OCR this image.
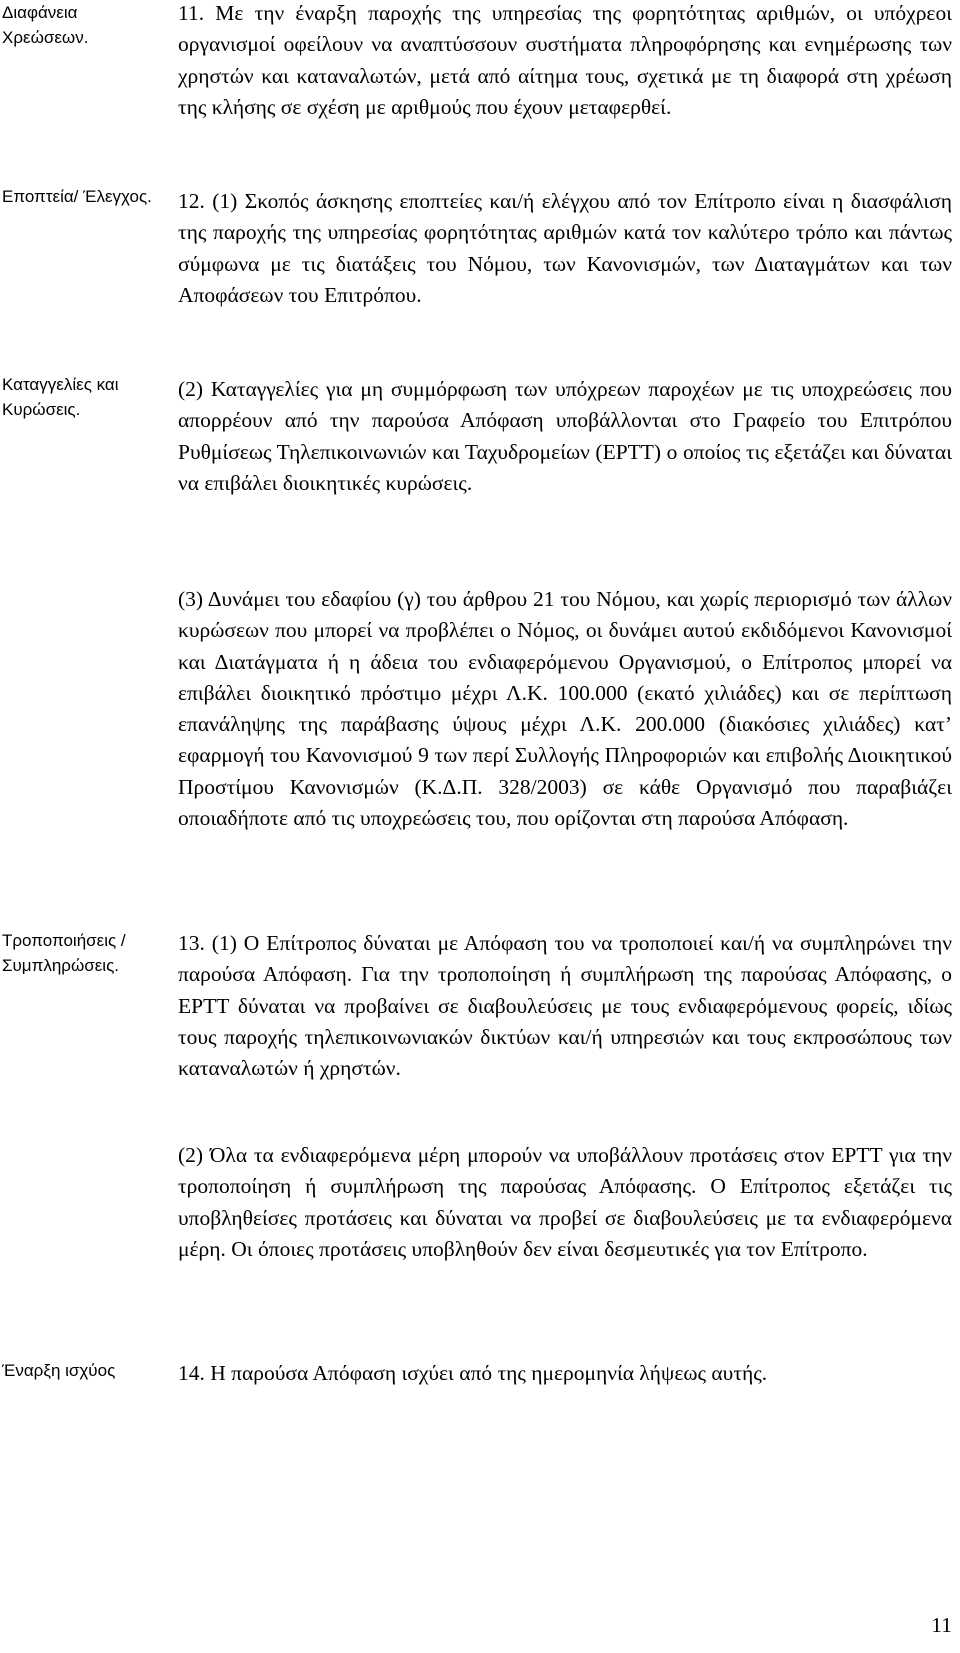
Διαφάνεια Χρεώσεων.
Εποπτεία/ Έλεγχος.
Καταγγελίες και Κυρώσεις.
Τροποποιήσεις / Συμπληρώσεις.
Έναρξη ισχύος

11. Με την έναρξη παροχής της υπηρεσίας της φορητότητας αριθμών, οι υπόχρεοι οργανισμοί οφείλουν να αναπτύσσουν συστήματα πληροφόρησης και ενημέρωσης των χρηστών και καταναλωτών, μετά από αίτημα τους, σχετικά με τη διαφορά στη χρέωση της κλήσης σε σχέση με αριθμούς που έχουν μεταφερθεί.

12. (1) Σκοπός άσκησης εποπτείες και/ή ελέγχου από τον Επίτροπο είναι η διασφάλιση της παροχής της υπηρεσίας φορητότητας αριθμών κατά τον καλύτερο τρόπο και πάντως σύμφωνα με τις διατάξεις του Νόμου, των Κανονισμών, των Διαταγμάτων και των Αποφάσεων του Επιτρόπου.

(2) Καταγγελίες για μη συμμόρφωση των υπόχρεων παροχέων με τις υποχρεώσεις που απορρέουν από την παρούσα Απόφαση υποβάλλονται στο Γραφείο του Επιτρόπου Ρυθμίσεως Τηλεπικοινωνιών και Ταχυδρομείων (ΕΡΤΤ) ο οποίος τις εξετάζει και δύναται να επιβάλει διοικητικές κυρώσεις.

(3) Δυνάμει του εδαφίου (γ) του άρθρου 21 του Νόμου, και χωρίς περιορισμό των άλλων κυρώσεων που μπορεί να προβλέπει ο Νόμος, οι δυνάμει αυτού εκδιδόμενοι Κανονισμοί και Διατάγματα ή η άδεια του ενδιαφερόμενου Οργανισμού, ο Επίτροπος μπορεί να επιβάλει διοικητικό πρόστιμο μέχρι Λ.Κ. 100.000 (εκατό χιλιάδες) και σε περίπτωση επανάληψης της παράβασης ύψους μέχρι Λ.Κ. 200.000 (διακόσιες χιλιάδες) κατ’ εφαρμογή του Κανονισμού 9 των περί Συλλογής Πληροφοριών και επιβολής Διοικητικού Προστίμου Κανονισμών (Κ.Δ.Π. 328/2003) σε κάθε Οργανισμό που παραβιάζει οποιαδήποτε από τις υποχρεώσεις του, που ορίζονται στη παρούσα Απόφαση.

13. (1) Ο Επίτροπος δύναται με Απόφαση του να τροποποιεί και/ή να συμπληρώνει την παρούσα Απόφαση. Για την τροποποίηση ή συμπλήρωση της παρούσας Απόφασης, ο ΕΡΤΤ δύναται να προβαίνει σε διαβουλεύσεις με τους ενδιαφερόμενους φορείς, ιδίως τους παροχής τηλεπικοινωνιακών δικτύων και/ή υπηρεσιών και τους εκπροσώπους των καταναλωτών ή χρηστών.

(2) Όλα τα ενδιαφερόμενα μέρη μπορούν να υποβάλλουν προτάσεις στον ΕΡΤΤ για την τροποποίηση ή συμπλήρωση της παρούσας Απόφασης. Ο Επίτροπος εξετάζει τις υποβληθείσες προτάσεις και δύναται να προβεί σε διαβουλεύσεις με τα ενδιαφερόμενα μέρη. Οι όποιες προτάσεις υποβληθούν δεν είναι δεσμευτικές για τον Επίτροπο.

14. Η παρούσα Απόφαση ισχύει από της ημερομηνία λήψεως αυτής.

11
